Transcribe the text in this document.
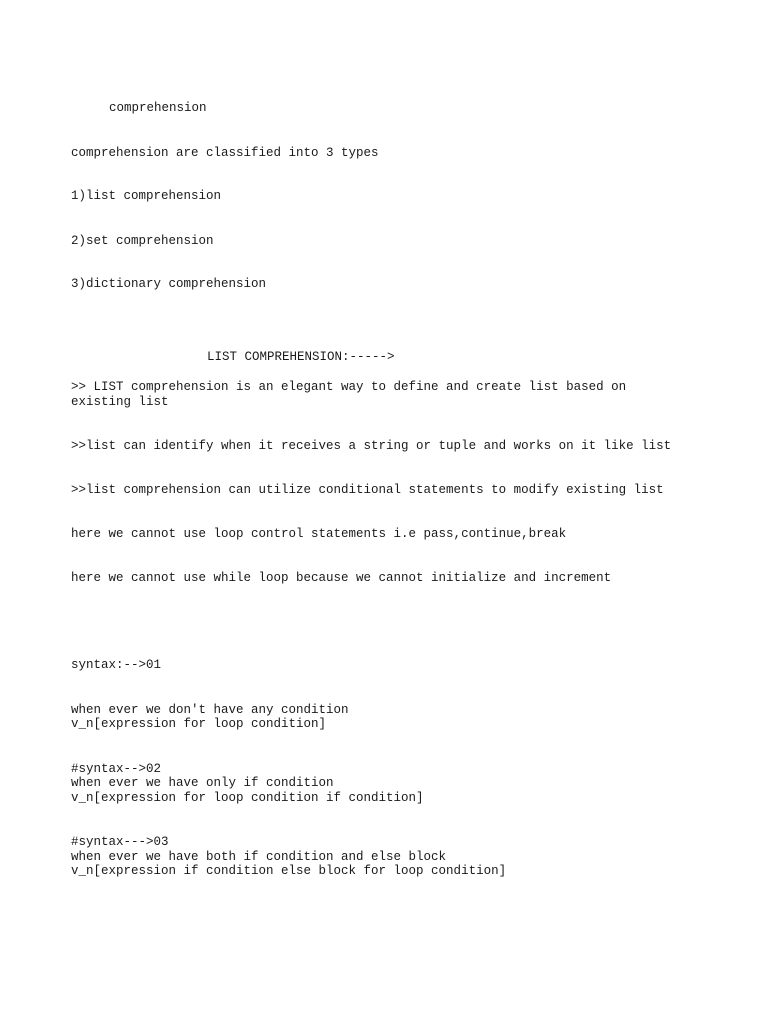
comprehension
comprehension are classified into 3 types
1)list comprehension
2)set comprehension
3)dictionary comprehension
LIST COMPREHENSION:----->
>> LIST comprehension is an elegant way to define and create list based on
existing list
>>list can identify when it receives a string or tuple and works on it like list
>>list comprehension can utilize conditional statements to modify existing list
here we cannot use loop control statements i.e pass,continue,break
here we cannot use while loop because we cannot initialize and increment
syntax:-->01
when ever we don't have any condition
v_n[expression for loop condition]
#syntax-->02
when ever we have only if condition
v_n[expression for loop condition if condition]
#syntax--->03
when ever we have both if condition and else block
v_n[expression if condition else block for loop condition]
